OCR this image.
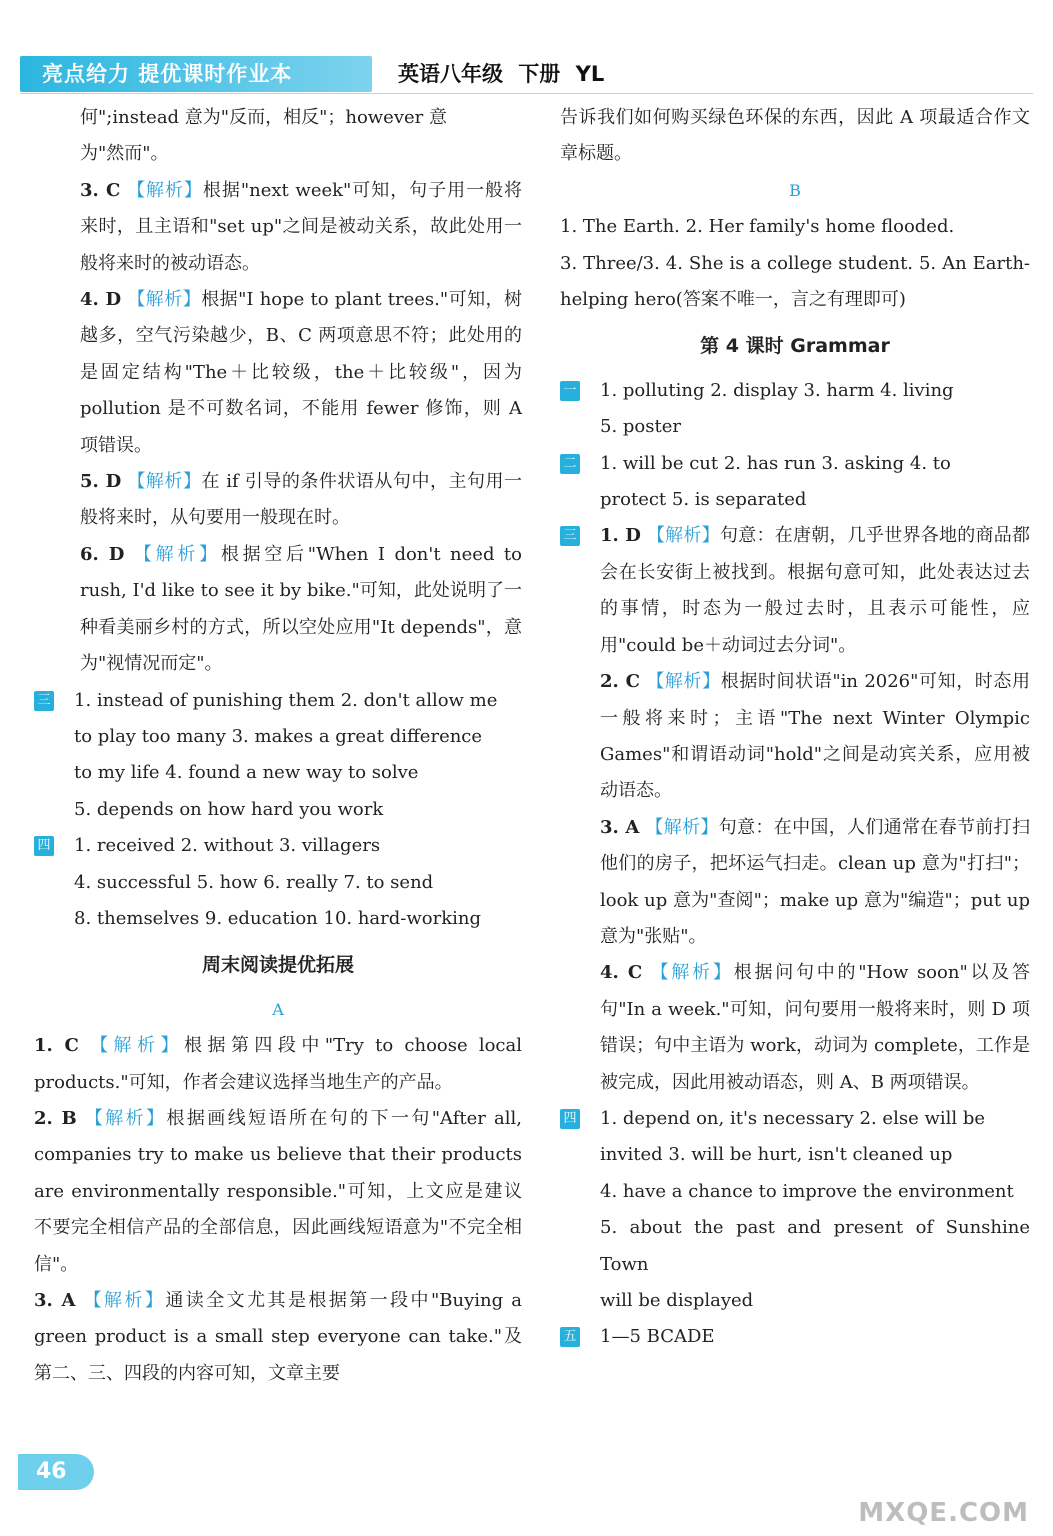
亮点给力 提优课时作业本	英语八年级 下册 YL

何";instead 意为"反而，相反"；however 意

为"然而"。

3. C 【解析】根据"next week"可知，句子用一般将来时，且主语和"set up"之间是被动关系，故此处用一般将来时的被动语态。

4. D 【解析】根据"I hope to plant trees."可知，树越多，空气污染越少，B、C 两项意思不符；此处用的是固定结构"The＋比较级，the＋比较级"，因为 pollution 是不可数名词，不能用 fewer 修饰，则 A 项错误。

5. D 【解析】在 if 引导的条件状语从句中，主句用一般将来时，从句要用一般现在时。

6. D 【解析】根据空后"When I don't need to rush, I'd like to see it by bike."可知，此处说明了一种看美丽乡村的方式，所以空处应用"It depends"，意为"视情况而定"。

三 1. instead of punishing them 2. don't allow me

to play too many 3. makes a great difference

to my life 4. found a new way to solve

5. depends on how hard you work

四 1. received 2. without 3. villagers

4. successful 5. how 6. really 7. to send

8. themselves 9. education 10. hard-working

周末阅读提优拓展

A

1. C 【解析】根据第四段中"Try to choose local products."可知，作者会建议选择当地生产的产品。

2. B 【解析】根据画线短语所在句的下一句"After all, companies try to make us believe that their products are environmentally responsible."可知，上文应是建议不要完全相信产品的全部信息，因此画线短语意为"不完全相信"。

3. A 【解析】通读全文尤其是根据第一段中"Buying a green product is a small step everyone can take."及第二、三、四段的内容可知，文章主要

告诉我们如何购买绿色环保的东西，因此 A 项最适合作文章标题。

B

1. The Earth. 2. Her family's home flooded.

3. Three/3. 4. She is a college student. 5. An Earth-helping hero(答案不唯一，言之有理即可)

第 4 课时 Grammar
一 1. polluting 2. display 3. harm 4. living

5. poster

二 1. will be cut 2. has run 3. asking 4. to

protect 5. is separated

三 1. D 【解析】句意：在唐朝，几乎世界各地的商品都会在长安街上被找到。根据句意可知，此处表达过去的事情，时态为一般过去时，且表示可能性，应用"could be＋动词过去分词"。

2. C 【解析】根据时间状语"in 2026"可知，时态用一般将来时；主语"The next Winter Olympic Games"和谓语动词"hold"之间是动宾关系，应用被动语态。

3. A 【解析】句意：在中国，人们通常在春节前打扫他们的房子，把坏运气扫走。clean up 意为"打扫"；look up 意为"查阅"；make up 意为"编造"；put up 意为"张贴"。

4. C 【解析】根据问句中的"How soon"以及答句"In a week."可知，问句要用一般将来时，则 D 项错误；句中主语为 work，动词为 complete，工作是被完成，因此用被动语态，则 A、B 两项错误。

四 1. depend on, it's necessary 2. else will be

invited 3. will be hurt, isn't cleaned up

4. have a chance to improve the environment

5. about the past and present of Sunshine Town

will be displayed

五 1—5 BCADE

46
MXQE.COM
